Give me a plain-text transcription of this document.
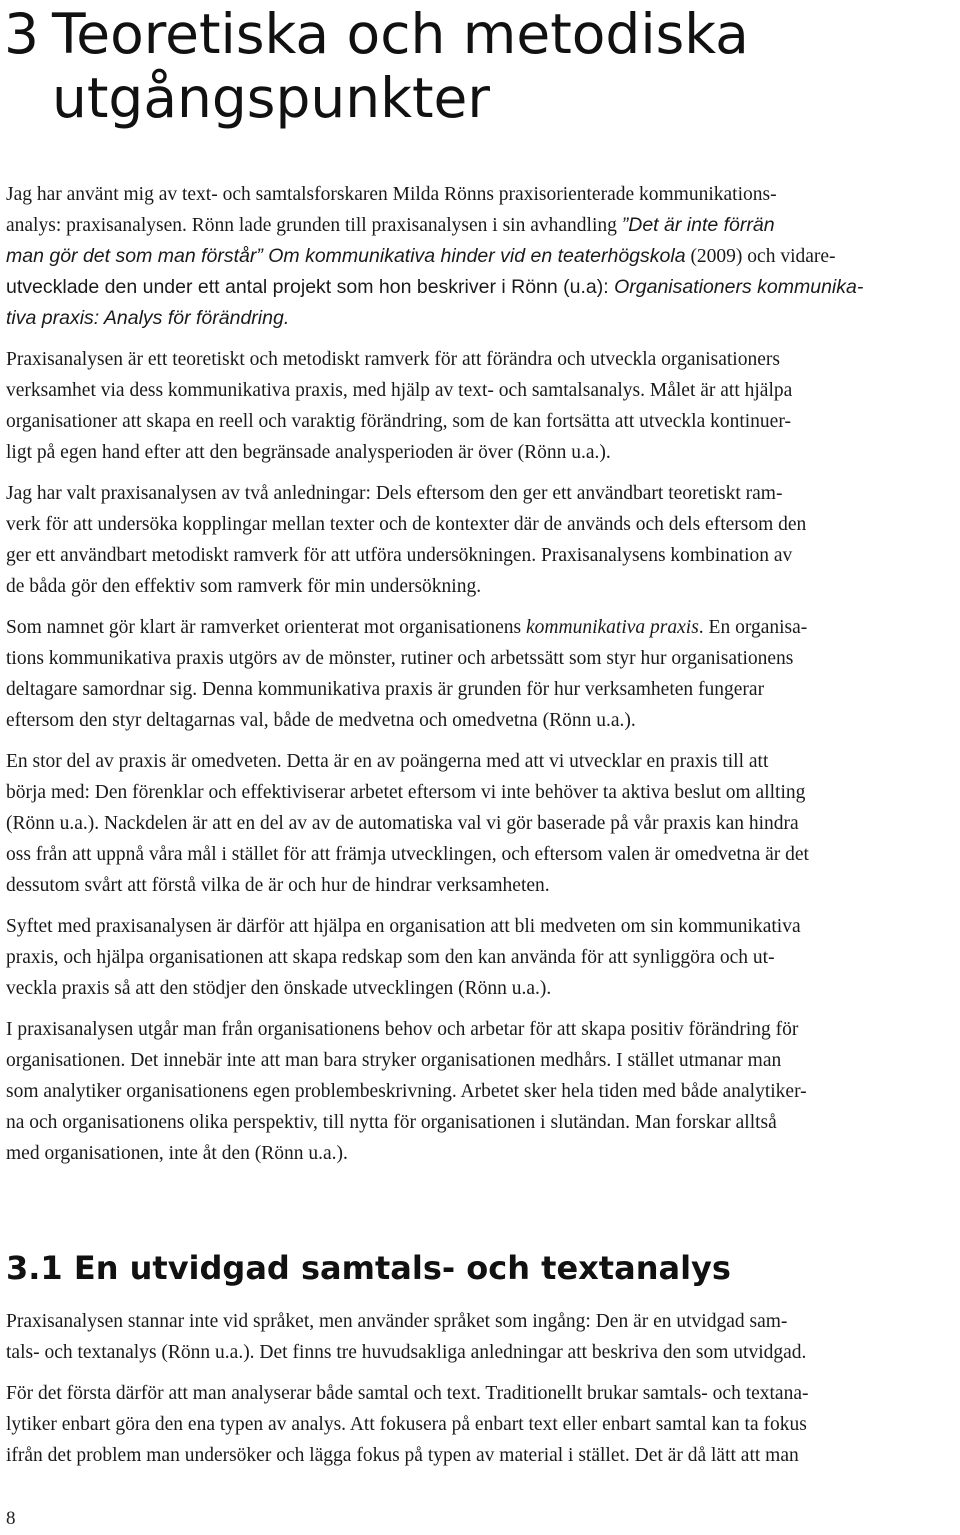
3 Teoretiska och metodiska
utgångspunkter

Jag har använt mig av text- och samtalsforskaren Milda Rönns praxisorienterade kommunikations-
analys: praxisanalysen. Rönn lade grunden till praxisanalysen i sin avhandling ”Det är inte förrän
man gör det som man förstår” Om kommunikativa hinder vid en teaterhögskola (2009) och vidare-
utvecklade den under ett antal projekt som hon beskriver i Rönn (u.a): Organisationers kommunika-
tiva praxis: Analys för förändring.

Praxisanalysen är ett teoretiskt och metodiskt ramverk för att förändra och utveckla organisationers
verksamhet via dess kommunikativa praxis, med hjälp av text- och samtalsanalys. Målet är att hjälpa
organisationer att skapa en reell och varaktig förändring, som de kan fortsätta att utveckla kontinuer-
ligt på egen hand efter att den begränsade analysperioden är över (Rönn u.a.).

Jag har valt praxisanalysen av två anledningar: Dels eftersom den ger ett användbart teoretiskt ram-
verk för att undersöka kopplingar mellan texter och de kontexter där de används och dels eftersom den
ger ett användbart metodiskt ramverk för att utföra undersökningen. Praxisanalysens kombination av
de båda gör den effektiv som ramverk för min undersökning.

Som namnet gör klart är ramverket orienterat mot organisationens kommunikativa praxis. En organisa-
tions kommunikativa praxis utgörs av de mönster, rutiner och arbetssätt som styr hur organisationens
deltagare samordnar sig. Denna kommunikativa praxis är grunden för hur verksamheten fungerar
eftersom den styr deltagarnas val, både de medvetna och omedvetna (Rönn u.a.).

En stor del av praxis är omedveten. Detta är en av poängerna med att vi utvecklar en praxis till att
börja med: Den förenklar och effektiviserar arbetet eftersom vi inte behöver ta aktiva beslut om allting
(Rönn u.a.). Nackdelen är att en del av av de automatiska val vi gör baserade på vår praxis kan hindra
oss från att uppnå våra mål i stället för att främja utvecklingen, och eftersom valen är omedvetna är det
dessutom svårt att förstå vilka de är och hur de hindrar verksamheten.

Syftet med praxisanalysen är därför att hjälpa en organisation att bli medveten om sin kommunikativa
praxis, och hjälpa organisationen att skapa redskap som den kan använda för att synliggöra och ut-
veckla praxis så att den stödjer den önskade utvecklingen (Rönn u.a.).

I praxisanalysen utgår man från organisationens behov och arbetar för att skapa positiv förändring för
organisationen. Det innebär inte att man bara stryker organisationen medhårs. I stället utmanar man
som analytiker organisationens egen problembeskrivning. Arbetet sker hela tiden med både analytiker-
na och organisationens olika perspektiv, till nytta för organisationen i slutändan. Man forskar alltså
med organisationen, inte åt den (Rönn u.a.).

3.1 En utvidgad samtals- och textanalys

Praxisanalysen stannar inte vid språket, men använder språket som ingång: Den är en utvidgad sam-
tals- och textanalys (Rönn u.a.). Det finns tre huvudsakliga anledningar att beskriva den som utvidgad.

För det första därför att man analyserar både samtal och text. Traditionellt brukar samtals- och textana-
lytiker enbart göra den ena typen av analys. Att fokusera på enbart text eller enbart samtal kan ta fokus
ifrån det problem man undersöker och lägga fokus på typen av material i stället. Det är då lätt att man

8
